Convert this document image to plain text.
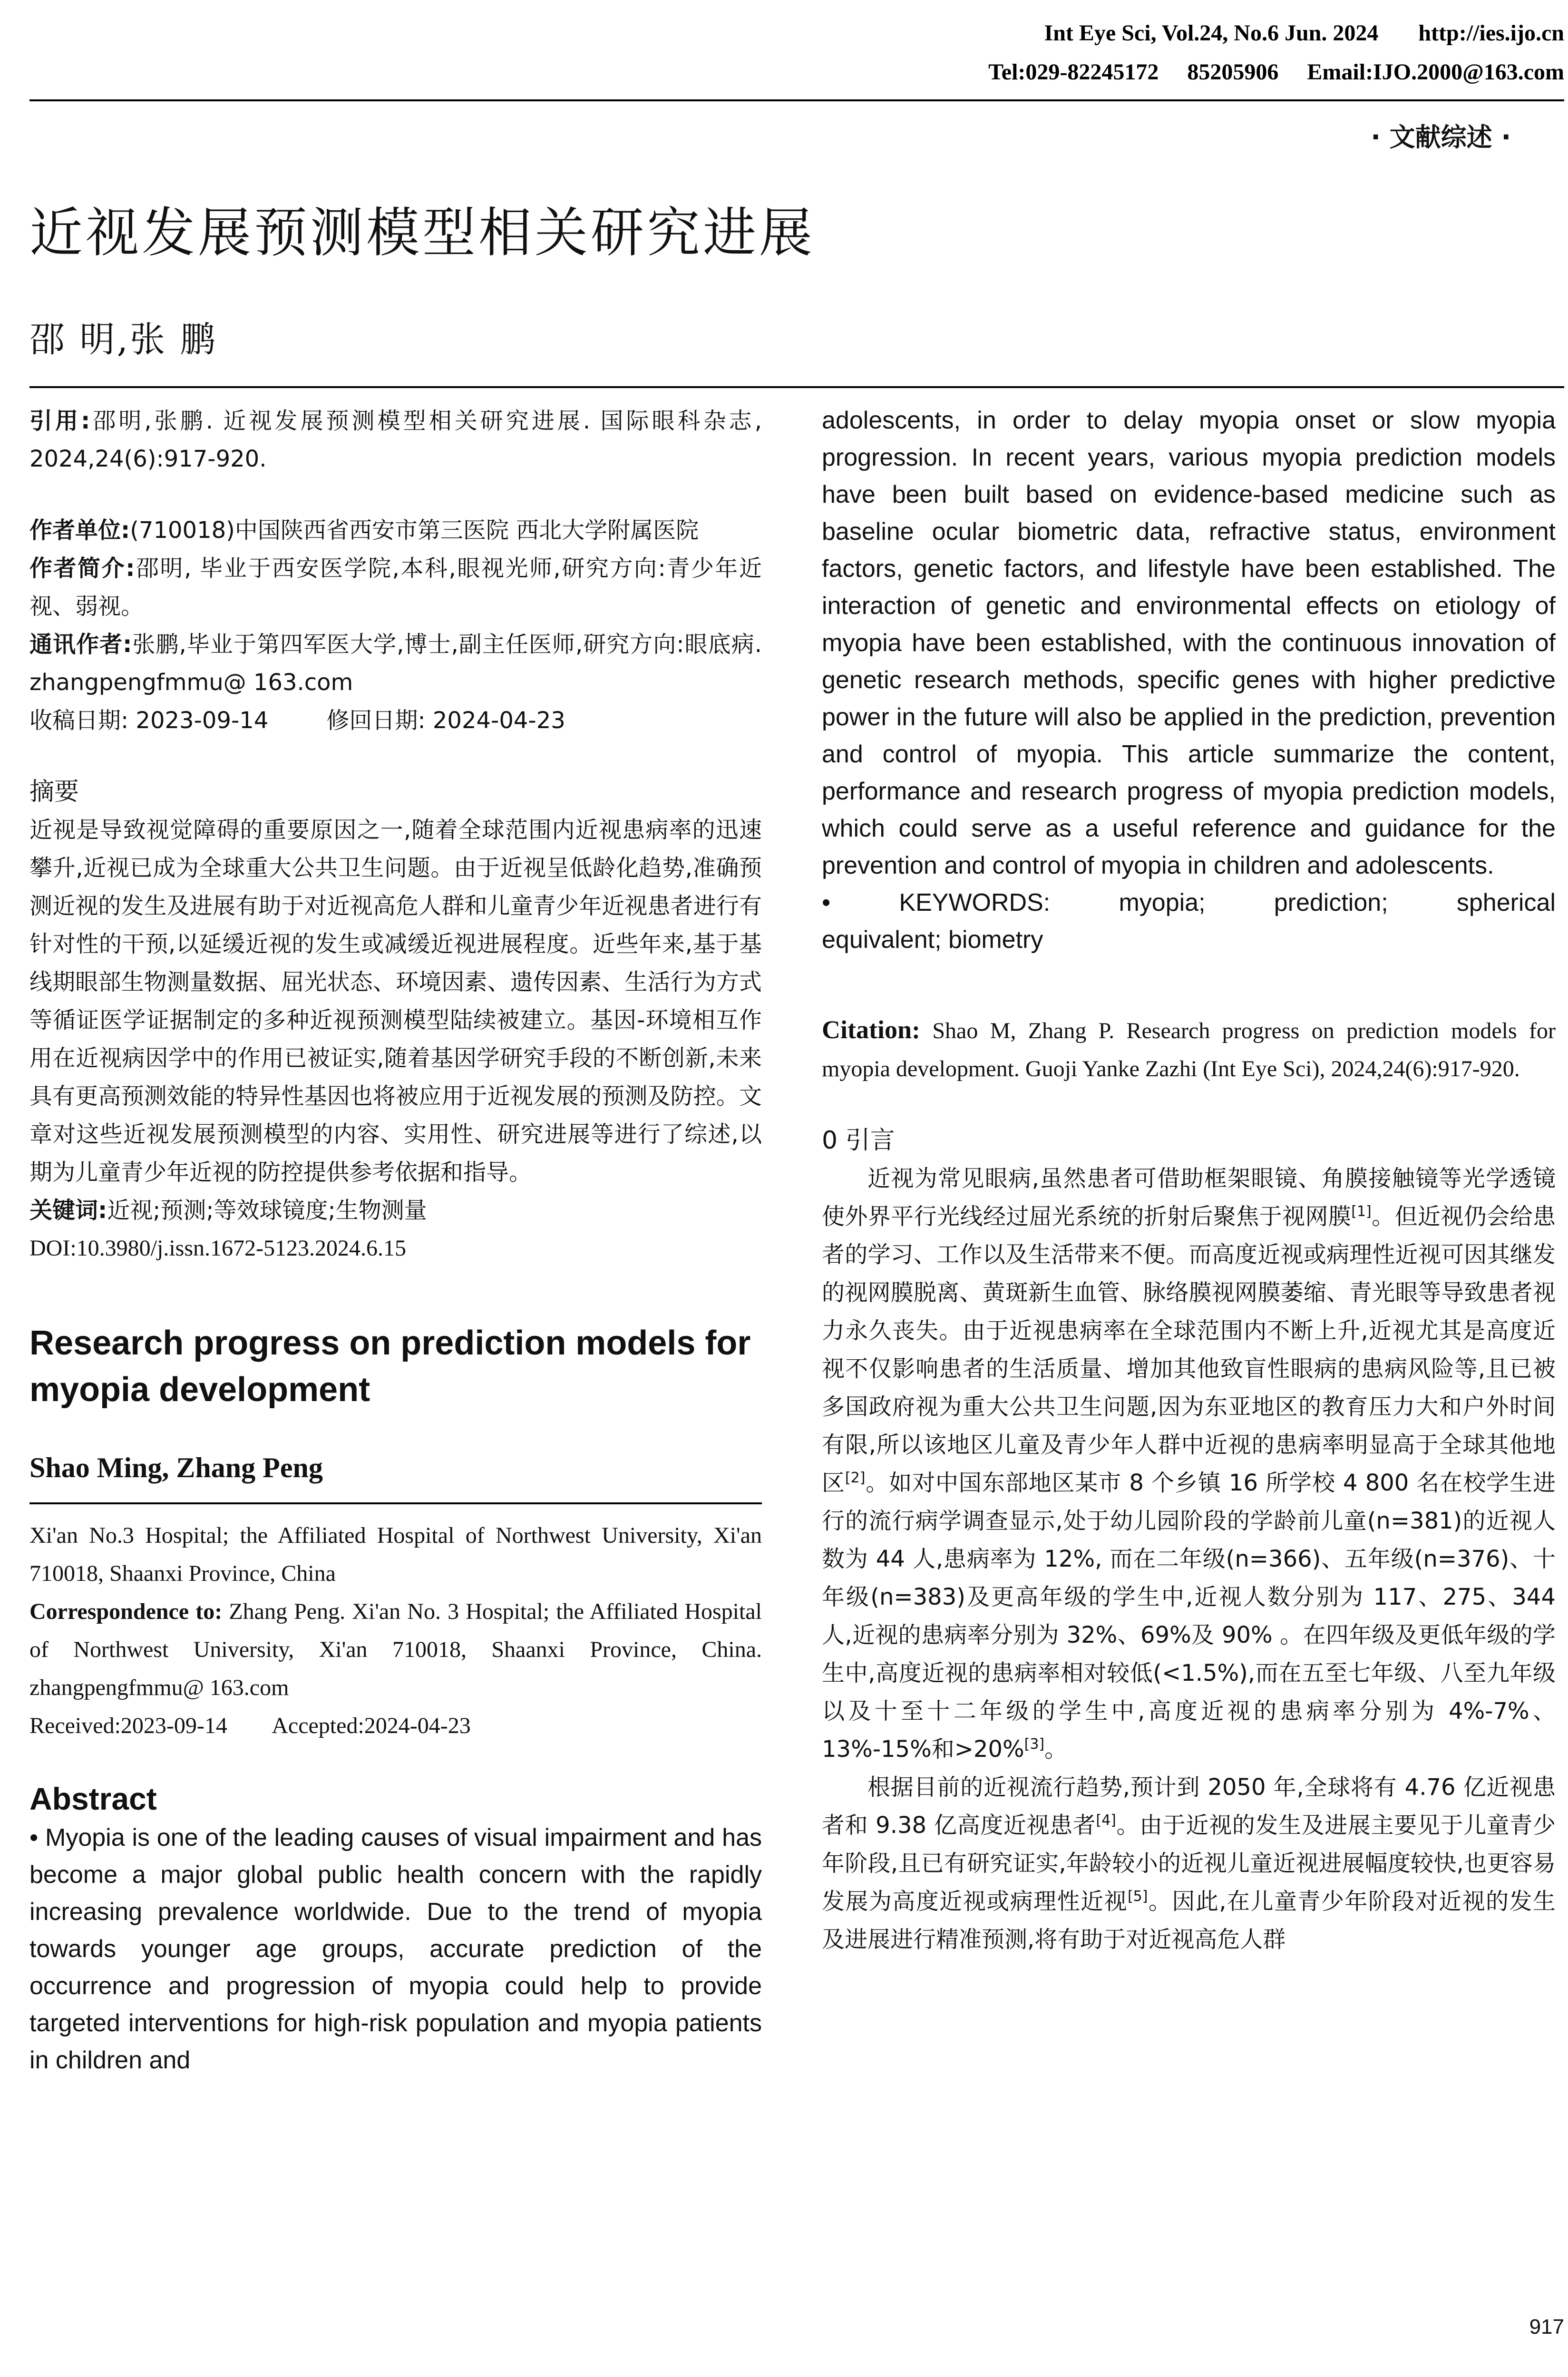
Int Eye Sci, Vol.24, No.6 Jun. 2024       http://ies.ijo.cn
Tel:029-82245172     85205906     Email:IJO.2000@163.com
· 文献综述 ·
近视发展预测模型相关研究进展
邵 明,张 鹏

引用:邵明,张鹏. 近视发展预测模型相关研究进展. 国际眼科杂志, 2024,24(6):917-920.

作者单位:(710018)中国陕西省西安市第三医院 西北大学附属医院

作者简介:邵明, 毕业于西安医学院,本科,眼视光师,研究方向:青少年近视、弱视。

通讯作者:张鹏,毕业于第四军医大学,博士,副主任医师,研究方向:眼底病. zhangpengfmmu@ 163.com

收稿日期: 2023-09-14        修回日期: 2024-04-23

摘要

近视是导致视觉障碍的重要原因之一,随着全球范围内近视患病率的迅速攀升,近视已成为全球重大公共卫生问题。由于近视呈低龄化趋势,准确预测近视的发生及进展有助于对近视高危人群和儿童青少年近视患者进行有针对性的干预,以延缓近视的发生或减缓近视进展程度。近些年来,基于基线期眼部生物测量数据、屈光状态、环境因素、遗传因素、生活行为方式等循证医学证据制定的多种近视预测模型陆续被建立。基因-环境相互作用在近视病因学中的作用已被证实,随着基因学研究手段的不断创新,未来具有更高预测效能的特异性基因也将被应用于近视发展的预测及防控。文章对这些近视发展预测模型的内容、实用性、研究进展等进行了综述,以期为儿童青少年近视的防控提供参考依据和指导。

关键词:近视;预测;等效球镜度;生物测量

DOI:10.3980/j.issn.1672-5123.2024.6.15

Research progress on prediction models for myopia development
Shao Ming, Zhang Peng

Xi'an No.3 Hospital; the Affiliated Hospital of Northwest University, Xi'an 710018, Shaanxi Province, China

Correspondence to: Zhang Peng. Xi'an No. 3 Hospital; the Affiliated Hospital of Northwest University, Xi'an 710018, Shaanxi Province, China. zhangpengfmmu@ 163.com

Received:2023-09-14        Accepted:2024-04-23

Abstract

• Myopia is one of the leading causes of visual impairment and has become a major global public health concern with the rapidly increasing prevalence worldwide. Due to the trend of myopia towards younger age groups, accurate prediction of the occurrence and progression of myopia could help to provide targeted interventions for high-risk population and myopia patients in children and

adolescents, in order to delay myopia onset or slow myopia progression. In recent years, various myopia prediction models have been built based on evidence-based medicine such as baseline ocular biometric data, refractive status, environment factors, genetic factors, and lifestyle have been established. The interaction of genetic and environmental effects on etiology of myopia have been established, with the continuous innovation of genetic research methods, specific genes with higher predictive power in the future will also be applied in the prediction, prevention and control of myopia. This article summarize the content, performance and research progress of myopia prediction models, which could serve as a useful reference and guidance for the prevention and control of myopia in children and adolescents.

•	KEYWORDS:	myopia;	prediction;	spherical

equivalent; biometry

Citation: Shao M, Zhang P. Research progress on prediction models for myopia development. Guoji Yanke Zazhi (Int Eye Sci), 2024,24(6):917-920.

0 引言

近视为常见眼病,虽然患者可借助框架眼镜、角膜接触镜等光学透镜使外界平行光线经过屈光系统的折射后聚焦于视网膜[1]。但近视仍会给患者的学习、工作以及生活带来不便。而高度近视或病理性近视可因其继发的视网膜脱离、黄斑新生血管、脉络膜视网膜萎缩、青光眼等导致患者视力永久丧失。由于近视患病率在全球范围内不断上升,近视尤其是高度近视不仅影响患者的生活质量、增加其他致盲性眼病的患病风险等,且已被多国政府视为重大公共卫生问题,因为东亚地区的教育压力大和户外时间有限,所以该地区儿童及青少年人群中近视的患病率明显高于全球其他地区[2]。如对中国东部地区某市 8 个乡镇 16 所学校 4 800 名在校学生进行的流行病学调查显示,处于幼儿园阶段的学龄前儿童(n=381)的近视人数为 44 人,患病率为 12%, 而在二年级(n=366)、五年级(n=376)、十年级(n=383)及更高年级的学生中,近视人数分别为 117、275、344 人,近视的患病率分别为 32%、69%及 90% 。在四年级及更低年级的学生中,高度近视的患病率相对较低(<1.5%),而在五至七年级、八至九年级以及十至十二年级的学生中,高度近视的患病率分别为 4%-7%、13%-15%和>20%[3]。

根据目前的近视流行趋势,预计到 2050 年,全球将有 4.76 亿近视患者和 9.38 亿高度近视患者[4]。由于近视的发生及进展主要见于儿童青少年阶段,且已有研究证实,年龄较小的近视儿童近视进展幅度较快,也更容易发展为高度近视或病理性近视[5]。因此,在儿童青少年阶段对近视的发生及进展进行精准预测,将有助于对近视高危人群

917
